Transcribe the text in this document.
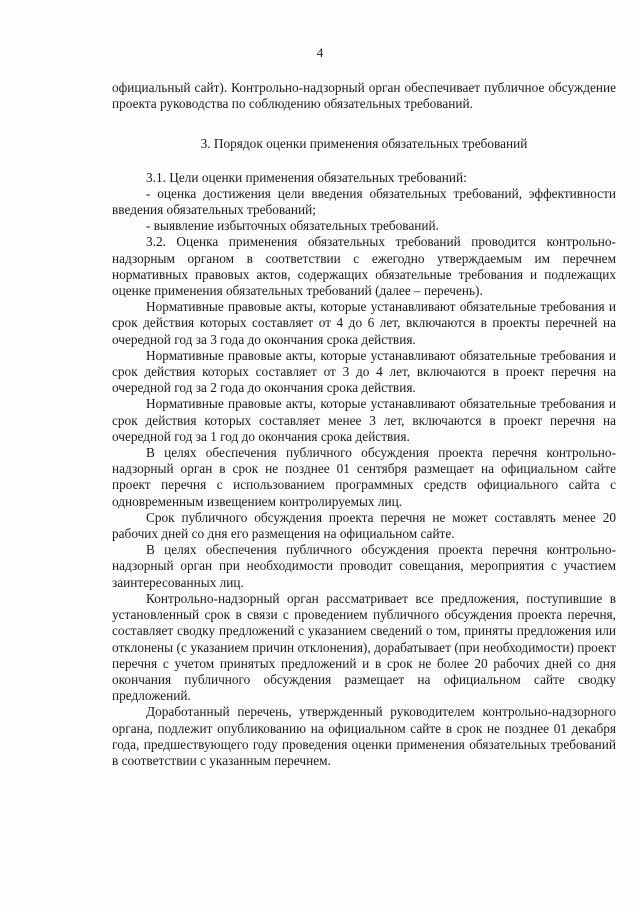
4

официальный сайт). Контрольно-надзорный орган обеспечивает публичное обсуждение проекта руководства по соблюдению обязательных требований.

3. Порядок оценки применения обязательных требований

3.1. Цели оценки применения обязательных требований:

- оценка достижения цели введения обязательных требований, эффективности введения обязательных требований;

- выявление избыточных обязательных требований.

3.2. Оценка применения обязательных требований проводится контрольно-надзорным органом в соответствии с ежегодно утверждаемым им перечнем нормативных правовых актов, содержащих обязательные требования и подлежащих оценке применения обязательных требований (далее – перечень).

Нормативные правовые акты, которые устанавливают обязательные требования и срок действия которых составляет от 4 до 6 лет, включаются в проекты перечней на очередной год за 3 года до окончания срока действия.

Нормативные правовые акты, которые устанавливают обязательные требования и срок действия которых составляет от 3 до 4 лет, включаются в проект перечня на очередной год за 2 года до окончания срока действия.

Нормативные правовые акты, которые устанавливают обязательные требования и срок действия которых составляет менее 3 лет, включаются в проект перечня на очередной год за 1 год до окончания срока действия.

В целях обеспечения публичного обсуждения проекта перечня контрольно-надзорный орган в срок не позднее 01 сентября размещает на официальном сайте проект перечня с использованием программных средств официального сайта с одновременным извещением контролируемых лиц.

Срок публичного обсуждения проекта перечня не может составлять менее 20 рабочих дней со дня его размещения на официальном сайте.

В целях обеспечения публичного обсуждения проекта перечня контрольно-надзорный орган при необходимости проводит совещания, мероприятия с участием заинтересованных лиц.

Контрольно-надзорный орган рассматривает все предложения, поступившие в установленный срок в связи с проведением публичного обсуждения проекта перечня, составляет сводку предложений с указанием сведений о том, приняты предложения или отклонены (с указанием причин отклонения), дорабатывает (при необходимости) проект перечня с учетом принятых предложений и в срок не более 20 рабочих дней со дня окончания публичного обсуждения размещает на официальном сайте сводку предложений.

Доработанный перечень, утвержденный руководителем контрольно-надзорного органа, подлежит опубликованию на официальном сайте в срок не позднее 01 декабря года, предшествующего году проведения оценки применения обязательных требований в соответствии с указанным перечнем.
